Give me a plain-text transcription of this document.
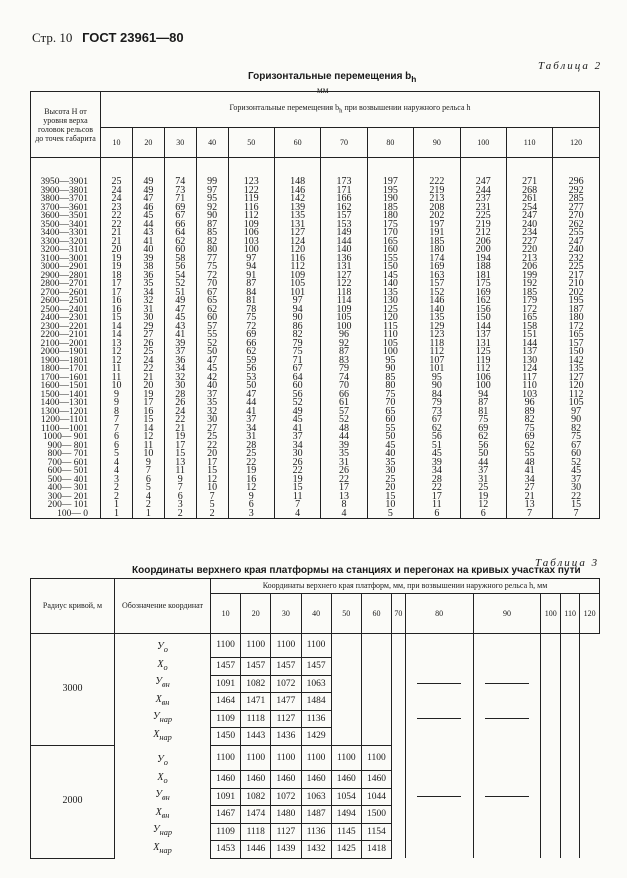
Стр. 10 ГОСТ 23961—80
Таблица 2
Горизонтальные перемещения $b_h$
мм
Высота H от уровня верха головок рельсов до точек габарита	Горизонтальные перемещения $b_h$ при возвышении наружного рельса h											
	10	20	30	40	50	60	70	80	90	100	110	120
3950—3901	25	49	74	99	123	148	173	197	222	247	271	296
3900—3801	24	49	73	97	122	146	171	195	219	244	268	292
3800—3701	24	47	71	95	119	142	166	190	213	237	261	285
3700—3601	23	46	69	92	116	139	162	185	208	231	254	277
3600—3501	22	45	67	90	112	135	157	180	202	225	247	270
3500—3401	22	44	66	87	109	131	153	175	197	219	240	262
3400—3301	21	43	64	85	106	127	149	170	191	212	234	255
3300—3201	21	41	62	82	103	124	144	165	185	206	227	247
3200—3101	20	40	60	80	100	120	140	160	180	200	220	240
3100—3001	19	39	58	77	97	116	136	155	174	194	213	232
3000—2901	19	38	56	75	94	112	131	150	169	188	206	225
2900—2801	18	36	54	72	91	109	127	145	163	181	199	217
2800—2701	17	35	52	70	87	105	122	140	157	175	192	210
2700—2601	17	34	51	67	84	101	118	135	152	169	185	202
2600—2501	16	32	49	65	81	97	114	130	146	162	179	195
2500—2401	16	31	47	62	78	94	109	125	140	156	172	187
2400—2301	15	30	45	60	75	90	105	120	135	150	165	180
2300—2201	14	29	43	57	72	86	100	115	129	144	158	172
2200—2101	14	27	41	55	69	82	96	110	123	137	151	165
2100—2001	13	26	39	52	66	79	92	105	118	131	144	157
2000—1901	12	25	37	50	62	75	87	100	112	125	137	150
1900—1801	12	24	36	47	59	71	83	95	107	119	130	142
1800—1701	11	22	34	45	56	67	79	90	101	112	124	135
1700—1601	11	21	32	42	53	64	74	85	95	106	117	127
1600—1501	10	20	30	40	50	60	70	80	90	100	110	120
1500—1401	9	19	28	37	47	56	66	75	84	94	103	112
1400—1301	9	17	26	35	44	52	61	70	79	87	96	105
1300—1201	8	16	24	32	41	49	57	65	73	81	89	97
1200—1101	7	15	22	30	37	45	52	60	67	75	82	90
1100—1001	7	14	21	27	34	41	48	55	62	69	75	82
1000— 901	6	12	19	25	31	37	44	50	56	62	69	75
900— 801	6	11	17	22	28	34	39	45	51	56	62	67
800— 701	5	10	15	20	25	30	35	40	45	50	55	60
700— 601	4	9	13	17	22	26	31	35	39	44	48	52
600— 501	4	7	11	15	19	22	26	30	34	37	41	45
500— 401	3	6	9	12	16	19	22	25	28	31	34	37
400— 301	2	5	7	10	12	15	17	20	22	25	27	30
300— 201	2	4	6	7	9	11	13	15	17	19	21	22
200— 101	1	2	3	5	6	7	8	10	11	12	13	15
100— 0	1	1	2	2	3	4	4	5	6	6	7	7
Таблица 3
Координаты верхнего края платформы на станциях и перегонах на кривых участках пути
Радиус кривой, м	Обозначение координат	Координаты верхнего края платформ, мм, при возвышении наружного рельса h, мм											
		10	20	30	40	50	60	70	80	90	100	110	120
3000	$У_о$	1100	1100	1100	1100								
	$Х_о$	1457	1457	1457	1457								
	$У_{вн}$	1091	1082	1072	1063								
	$Х_{вн}$	1464	1471	1477	1484								
	$У_{нар}$	1109	1118	1127	1136								
	$Х_{нар}$	1450	1443	1436	1429								
2000	$У_о$	1100	1100	1100	1100	1100	1100						
	$Х_о$	1460	1460	1460	1460	1460	1460						
	$У_{вн}$	1091	1082	1072	1063	1054	1044						
	$Х_{вн}$	1467	1474	1480	1487	1494	1500						
	$У_{нар}$	1109	1118	1127	1136	1145	1154						
	$Х_{нар}$	1453	1446	1439	1432	1425	1418						
